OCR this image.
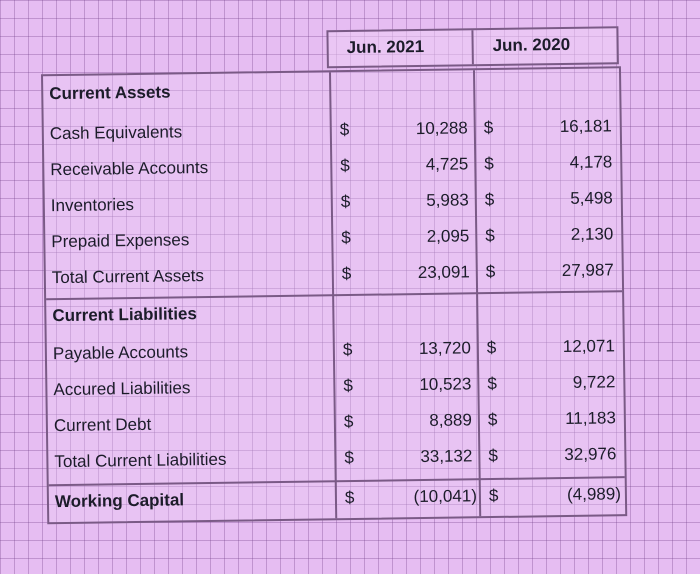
Jun. 2021	Jun. 2020
Current Assets
Cash Equivalents	$	10,288 $	16,181
Receivable Accounts	$	4,725 $	4,178
Inventories	$	5,983 $	5,498
Prepaid Expenses	$	2,095 $	2,130
Total Current Assets	$	23,091 $	27,987
Current Liabilities
Payable Accounts	$	13,720 $	12,071
Accured Liabilities	$	10,523 $	9,722
Current Debt	$	8,889 $	11,183
Total Current Liabilities	$	33,132 $	32,976
Working Capital	$	(10,041) $	(4,989)
